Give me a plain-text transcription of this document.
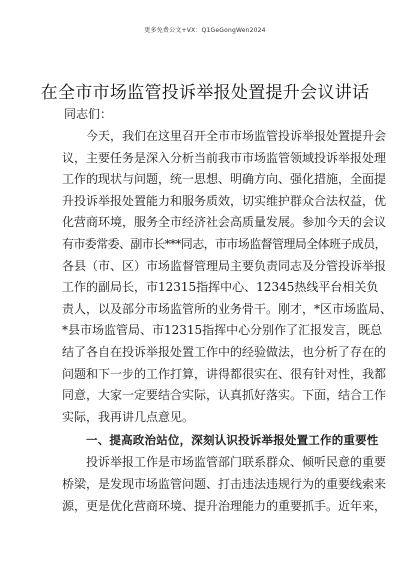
更多免费公文+VX：Q1GeGongWen2024
在全市市场监管投诉举报处置提升会议讲话

同志们：

今天，我们在这里召开全市市场监管投诉举报处置提升会
议，主要任务是深入分析当前我市市场监管领域投诉举报处理
工作的现状与问题，统一思想、明确方向、强化措施，全面提
升投诉举报处置能力和服务质效，切实维护群众合法权益，优
化营商环境，服务全市经济社会高质量发展。参加今天的会议
有市委常委、副市长***同志，市市场监督管理局全体班子成员，
各县（市、区）市场监督管理局主要负责同志及分管投诉举报
工作的副局长，市12315指挥中心、12345热线平台相关负
责人，以及部分市场监管所的业务骨干。刚才，*区市场监局、
*县市场监管局、市12315指挥中心分别作了汇报发言，既总
结了各自在投诉举报处置工作中的经验做法，也分析了存在的
问题和下一步的工作打算，讲得都很实在、很有针对性，我都
同意，大家一定要结合实际，认真抓好落实。下面，结合工作
实际，我再讲几点意见。

一、提高政治站位，深刻认识投诉举报处置工作的重要性

投诉举报工作是市场监管部门联系群众、倾听民意的重要
桥梁，是发现市场监管问题、打击违法违规行为的重要线索来
源，更是优化营商环境、提升治理能力的重要抓手。近年来，
